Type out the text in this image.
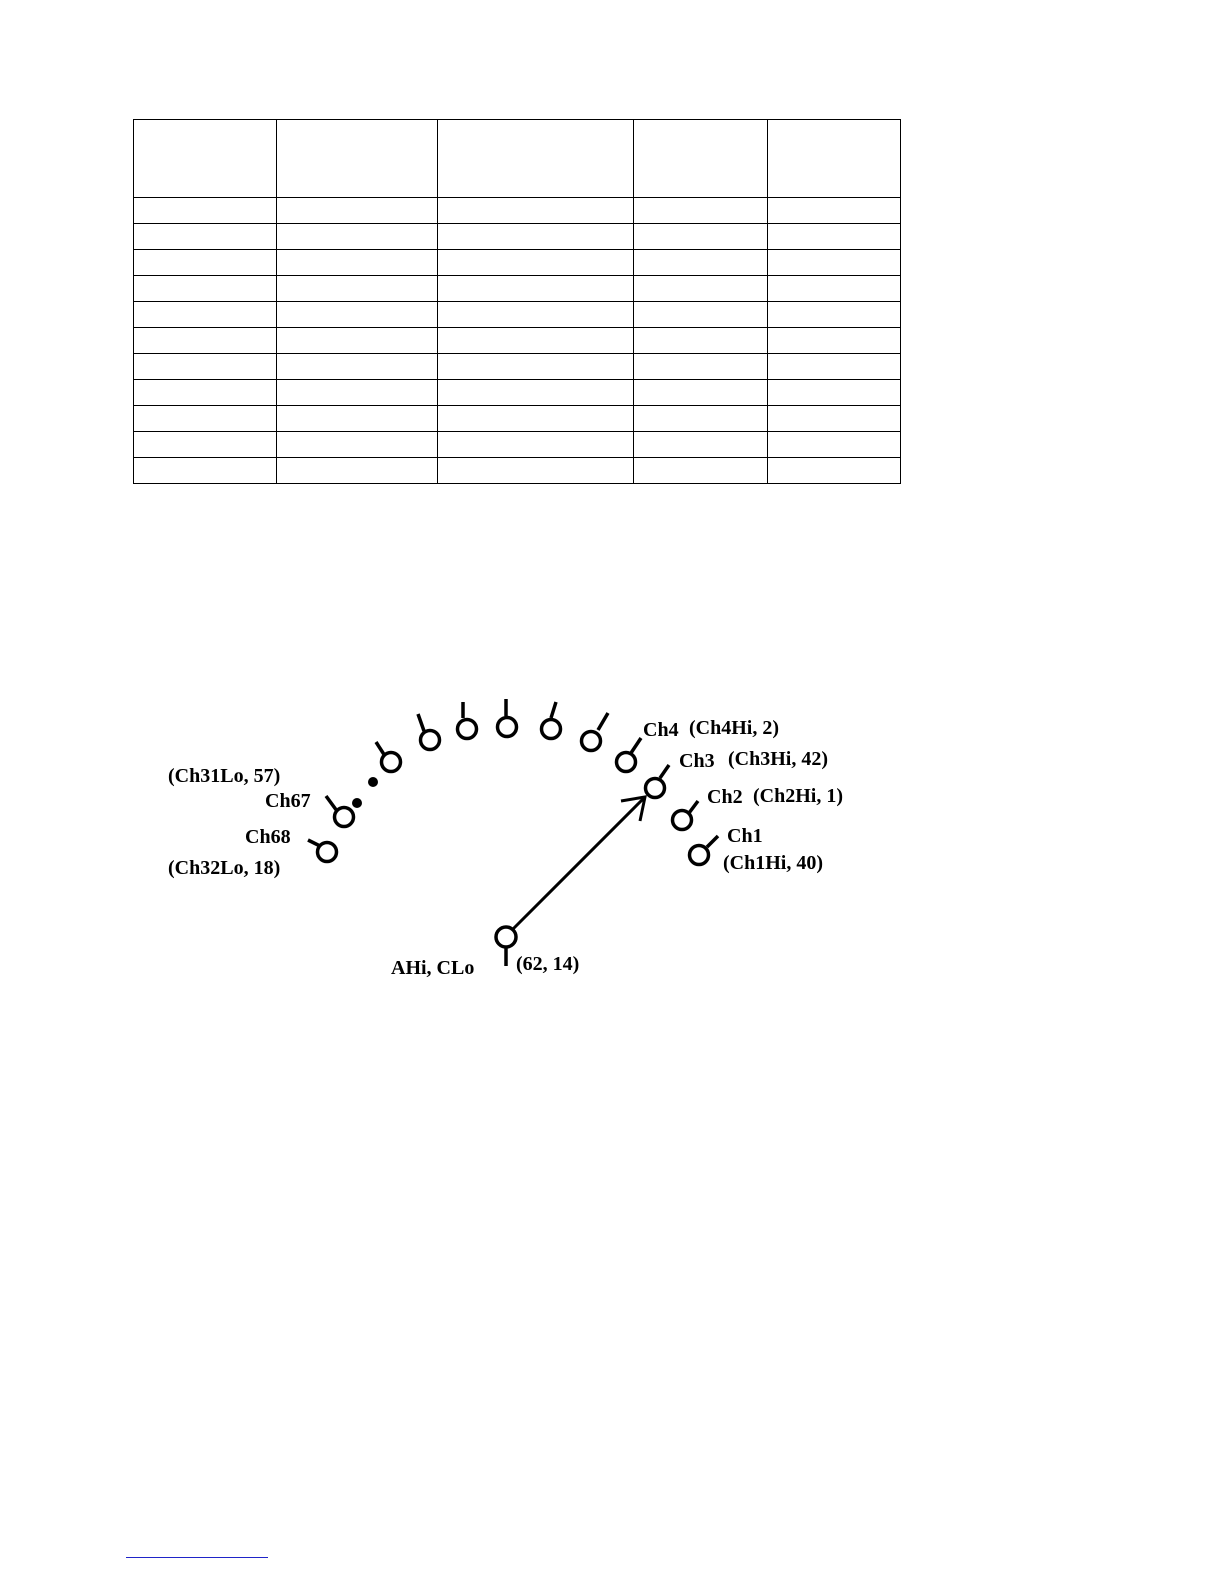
Ch4 (Ch4Hi, 2)
Ch3 (Ch3Hi, 42)
Ch2 (Ch2Hi, 1)
Ch1
(Ch1Hi, 40)
(Ch31Lo, 57)
Ch67
Ch68
(Ch32Lo, 18)
AHi, CLo (62, 14)
